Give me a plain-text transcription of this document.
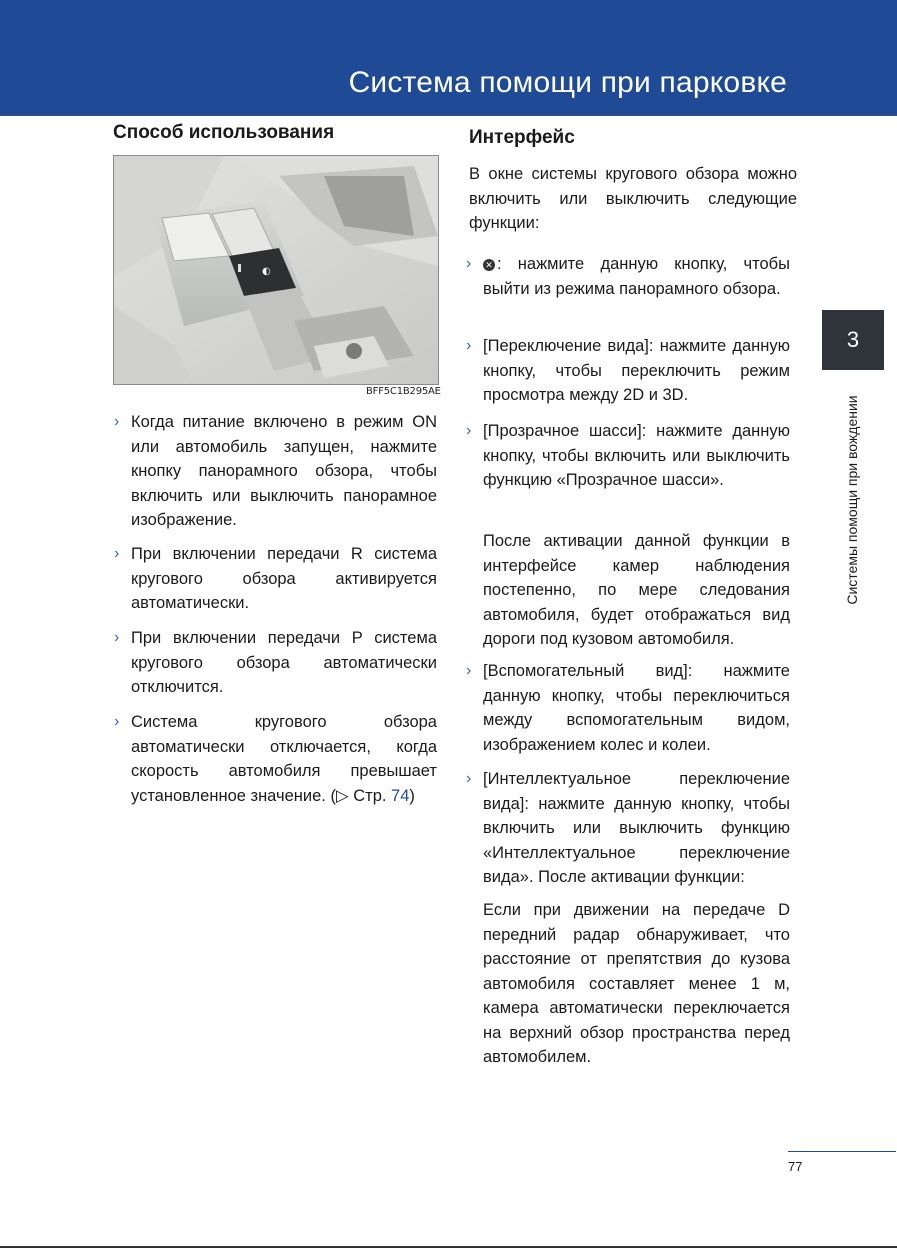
Система помощи при парковке
Способ использования
◐
BFF5C1B295AE
› Когда питание включено в режим ON или автомобиль запущен, нажмите кнопку панорамного обзора, чтобы включить или выключить панорамное изображение.
› При включении передачи R система кругового обзора активируется автоматически.
› При включении передачи P система кругового обзора автоматически отключится.
› Система кругового обзора автоматически отключается, когда скорость автомобиля превышает установленное значение. (▷ Стр. 74)
Интерфейс
В окне системы кругового обзора можно включить или выключить следующие функции:
› ✕ : нажмите данную кнопку, чтобы выйти из режима панорамного обзора.
› [Переключение вида]: нажмите данную кнопку, чтобы переключить режим просмотра между 2D и 3D.
› [Прозрачное шасси]: нажмите данную кнопку, чтобы включить или выключить функцию «Прозрачное шасси».
После активации данной функции в интерфейсе камер наблюдения постепенно, по мере следования автомобиля, будет отображаться вид дороги под кузовом автомобиля.
› [Вспомогательный вид]: нажмите данную кнопку, чтобы переключиться между вспомогательным видом, изображением колес и колеи.
› [Интеллектуальное переключение вида]: нажмите данную кнопку, чтобы включить или выключить функцию «Интеллектуальное переключение вида». После активации функции:
Если при движении на передаче D передний радар обнаруживает, что расстояние от препятствия до кузова автомобиля составляет менее 1 м, камера автоматически переключается на верхний обзор пространства перед автомобилем.
3
Системы помощи при вождении
77
